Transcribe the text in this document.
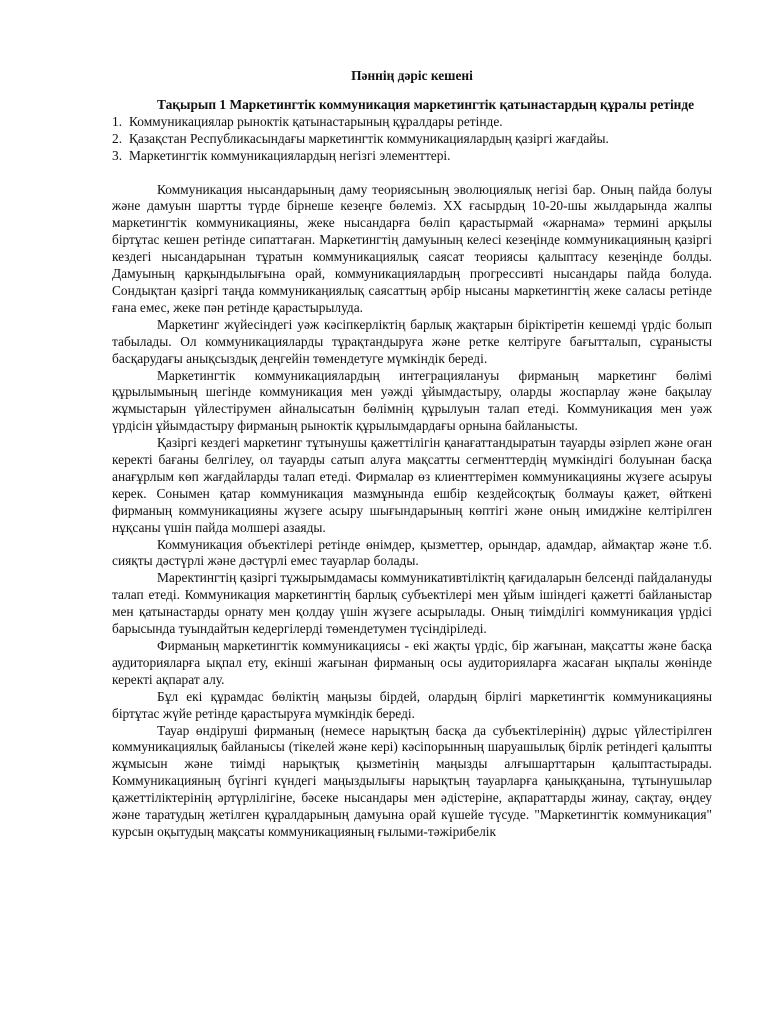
Пәннің дәріс кешені

Тақырып 1 Маркетингтік коммуникация маркетингтік қатынастардың құралы ретінде

1. Коммуникациялар рыноктік қатынастарының құралдары ретінде.
2. Қазақстан Республикасындағы маркетингтік коммуникациялардың қазіргі жағдайы.
3. Маркетингтік коммуникациялардың негізгі элементтері.

Коммуникация нысандарының даму теориясының эволюциялық негізі бар. Оның пайда болуы және дамуын шартты түрде бірнеше кезеңге бөлеміз. XX ғасырдың 10-20-шы жылдарында жалпы маркетингтік коммуникацияны, жеке нысандарға бөліп қарастырмай «жарнама» термині арқылы біртұтас кешен ретінде сипаттаған. Маркетингтің дамуының келесі кезеңінде коммуникацияның қазіргі кездегі нысандарынан тұратын коммуникациялық саясат теориясы қалыптасу кезеңінде болды. Дамуының қарқындылығына орай, коммуникациялардың прогрессивті нысандары пайда болуда. Сондықтан қазіргі таңда коммуникаңиялық саясаттың әрбір нысаны маркетингтің жеке саласы ретінде ғана емес, жеке пән ретінде қарастырылуда.

Маркетинг жүйесіндегі уәж кәсіпкерліктің барлық жақтарын біріктіретін кешемді үрдіс болып табылады. Ол коммуникацияларды тұрақтандыруға және ретке келтіруге бағытталып, сұранысты басқарудағы анықсыздық деңгейін төмендетуге мүмкіндік береді.

Маркетингтік коммуникациялардың интеграциялануы фирманың маркетинг бөлімі құрылымының шегінде коммуникация мен уәжді ұйымдастыру, оларды жоспарлау және бақылау жұмыстарын үйлестірумен айналысатын бөлімнің құрылуын талап етеді. Коммуникация мен уәж үрдісін ұйымдастыру фирманың рыноктік құрылымдардағы орнына байланысты.

Қазіргі кездегі маркетинг тұтынушы қажеттілігін қанағаттандыратын тауарды әзірлеп және оған керекті бағаны белгілеу, ол тауарды сатып алуға мақсатты сегменттердің мүмкіндігі болуынан басқа анағұрлым көп жағдайларды талап етеді. Фирмалар өз клиенттерімен коммуникацияны жүзеге асыруы керек. Сонымен қатар коммуникация мазмұнында ешбір кездейсоқтық болмауы қажет, өйткені фирманың коммуникацияны жүзеге асыру шығындарының көптігі және оның имиджіне келтірілген нұқсаны үшін пайда молшері азаяды.

Коммуникация объектілері ретінде өнімдер, қызметтер, орындар, адамдар, аймақтар және т.б. сияқты дәстүрлі және дәстүрлі емес тауарлар болады.

Маректингтің қазіргі тұжырымдамасы коммуникативтіліктің қағидаларын белсенді пайдалануды талап етеді. Коммуникация маркетингтің барлық субъектілері мен ұйым ішіндегі қажетті байланыстар мен қатынастарды орнату мен қолдау үшін жүзеге асырылады. Оның тиімділігі коммуникация үрдісі барысында туындайтын кедергілерді төмендетумен түсіндіріледі.

Фирманың маркетингтік коммуникациясы - екі жақты үрдіс, бір жағынан, мақсатты және басқа аудиторияларға ықпал ету, екінші жағынан фирманың осы аудиторияларға жасаған ықпалы жөнінде керекті ақпарат алу.

Бұл екі құрамдас бөліктің маңызы бірдей, олардың бірлігі маркетингтік коммуникацияны біртұтас жүйе ретінде қарастыруға мүмкіндік береді.

Тауар өндіруші фирманың (немесе нарықтың басқа да субъектілерінің) дұрыс үйлестірілген коммуникациялық байланысы (тікелей және кері) кәсіпорынның шаруашылық бірлік ретіндегі қалыпты жұмысын және тиімді нарықтық қызметінің маңызды алғышарттарын қалыптастырады. Коммуникацияның бүгінгі күндегі маңыздылығы нарықтың тауарларға қаныққанына, тұтынушылар қажеттіліктерінің әртүрлілігіне, бәсеке нысандары мен әдістеріне, ақпараттарды жинау, сақтау, өңдеу және таратудың жетілген құралдарының дамуына орай күшейе түсуде. "Маркетингтік коммуникация" курсын оқытудың мақсаты коммуникацияның ғылыми-тәжірибелік
